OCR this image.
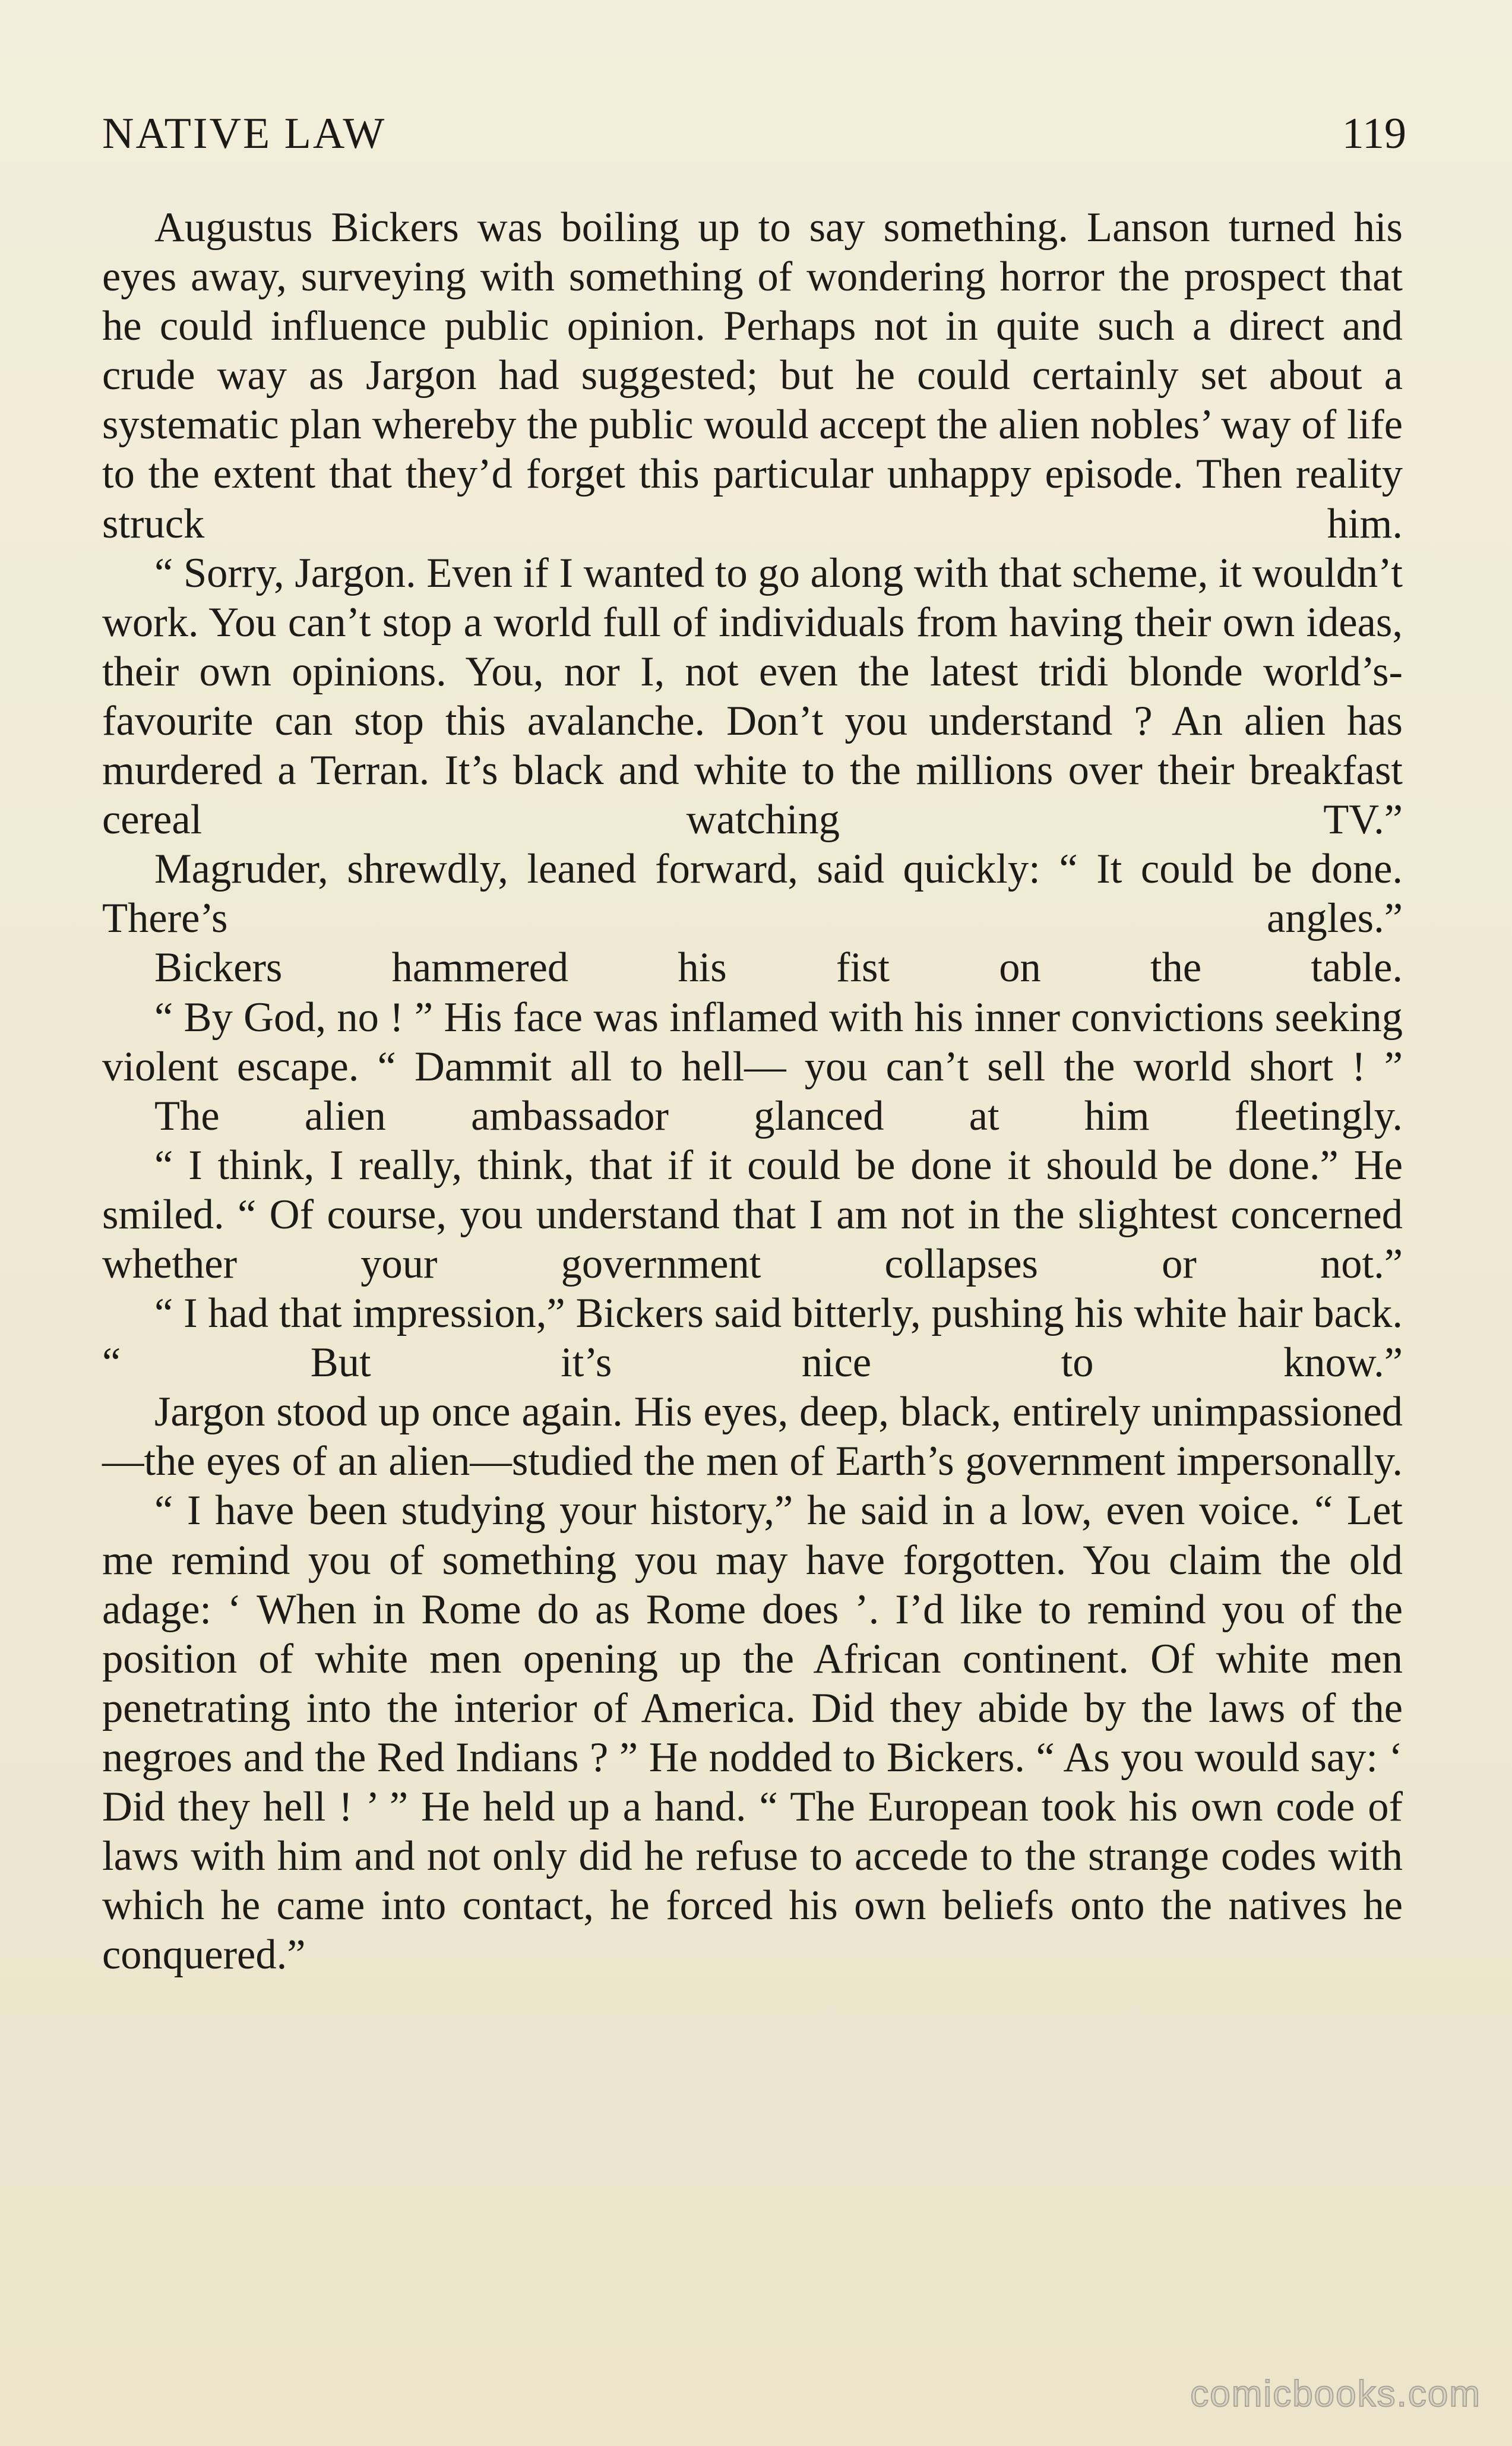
NATIVE LAW	119

Augustus Bickers was boiling up to say something. Lanson turned his eyes away, surveying with something of wondering horror the prospect that he could influence public opinion. Perhaps not in quite such a direct and crude way as Jargon had suggested; but he could certainly set about a systematic plan whereby the public would accept the alien nobles’ way of life to the extent that they’d forget this particular unhappy episode. Then reality struck him.

“ Sorry, Jargon. Even if I wanted to go along with that scheme, it wouldn’t work. You can’t stop a world full of individuals from having their own ideas, their own opinions. You, nor I, not even the latest tridi blonde world’s-favourite can stop this avalanche. Don’t you understand ? An alien has murdered a Terran. It’s black and white to the millions over their breakfast cereal watching TV.”

Magruder, shrewdly, leaned forward, said quickly: “ It could be done. There’s angles.”

Bickers hammered his fist on the table.

“ By God, no ! ” His face was inflamed with his inner convictions seeking violent escape. “ Dammit all to hell— you can’t sell the world short ! ”

The alien ambassador glanced at him fleetingly.

“ I think, I really, think, that if it could be done it should be done.” He smiled. “ Of course, you understand that I am not in the slightest concerned whether your government collapses or not.”

“ I had that impression,” Bickers said bitterly, pushing his white hair back. “ But it’s nice to know.”

Jargon stood up once again. His eyes, deep, black, entirely unimpassioned—the eyes of an alien—studied the men of Earth’s government impersonally.

“ I have been studying your history,” he said in a low, even voice. “ Let me remind you of something you may have forgotten. You claim the old adage: ‘ When in Rome do as Rome does ’. I’d like to remind you of the position of white men opening up the African continent. Of white men penetrating into the interior of America. Did they abide by the laws of the negroes and the Red Indians ? ” He nodded to Bickers. “ As you would say: ‘ Did they hell ! ’ ” He held up a hand. “ The European took his own code of laws with him and not only did he refuse to accede to the strange codes with which he came into contact, he forced his own beliefs onto the natives he conquered.”

comicbooks.com
